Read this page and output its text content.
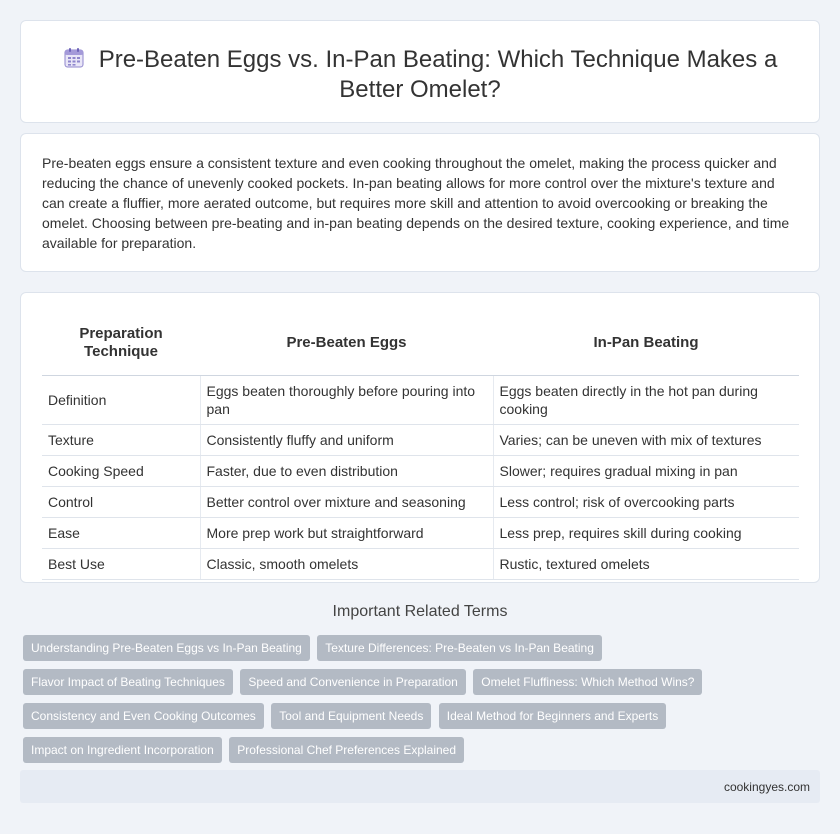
Pre-Beaten Eggs vs. In-Pan Beating: Which Technique Makes a Better Omelet?

Pre-beaten eggs ensure a consistent texture and even cooking throughout the omelet, making the process quicker and reducing the chance of unevenly cooked pockets. In-pan beating allows for more control over the mixture's texture and can create a fluffier, more aerated outcome, but requires more skill and attention to avoid overcooking or breaking the omelet. Choosing between pre-beating and in-pan beating depends on the desired texture, cooking experience, and time available for preparation.

Preparation Technique	Pre-Beaten Eggs	In-Pan Beating
Definition	Eggs beaten thoroughly before pouring into pan	Eggs beaten directly in the hot pan during cooking
Texture	Consistently fluffy and uniform	Varies; can be uneven with mix of textures
Cooking Speed	Faster, due to even distribution	Slower; requires gradual mixing in pan
Control	Better control over mixture and seasoning	Less control; risk of overcooking parts
Ease	More prep work but straightforward	Less prep, requires skill during cooking
Best Use	Classic, smooth omelets	Rustic, textured omelets
Important Related Terms
Understanding Pre-Beaten Eggs vs In-Pan Beating Texture Differences: Pre-Beaten vs In-Pan Beating Flavor Impact of Beating Techniques Speed and Convenience in Preparation Omelet Fluffiness: Which Method Wins? Consistency and Even Cooking Outcomes Tool and Equipment Needs Ideal Method for Beginners and Experts Impact on Ingredient Incorporation Professional Chef Preferences Explained
cookingyes.com
